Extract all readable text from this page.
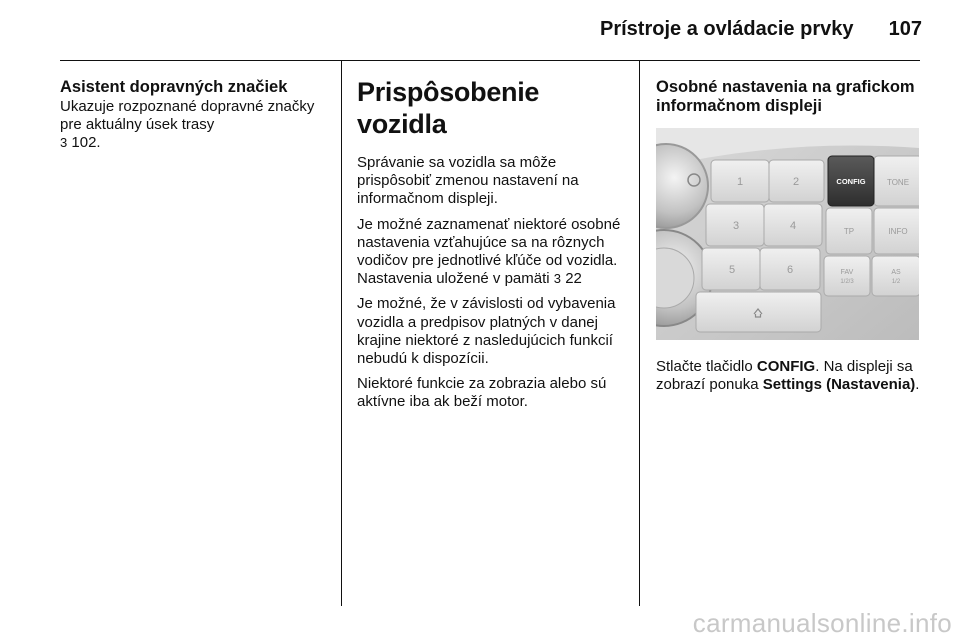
Prístroje a ovládacie prvky	107
Asistent dopravných značiek

Ukazuje rozpoznané dopravné značky pre aktuálny úsek trasy
3 102.

Prispôsobenie vozidla

Správanie sa vozidla sa môže prispôsobiť zmenou nastavení na informačnom displeji.

Je možné zaznamenať niektoré osobné nastavenia vzťahujúce sa na rôznych vodičov pre jednotlivé kľúče od vozidla. Nastavenia uložené v pamäti 3 22

Je možné, že v závislosti od vybavenia vozidla a predpisov platných v danej krajine niektoré z nasledujúcich funkcií nebudú k dispozícii.

Niektoré funkcie za zobrazia alebo sú aktívne iba ak beží motor.

Osobné nastavenia na grafickom informačnom displeji
1	2
3	4
5	6
TONE
TP	INFO
FAV
1/2/3
AS
1/2
CONFIG

Stlačte tlačidlo CONFIG. Na displeji sa zobrazí ponuka Settings (Nastavenia).

carmanualsonline.info
